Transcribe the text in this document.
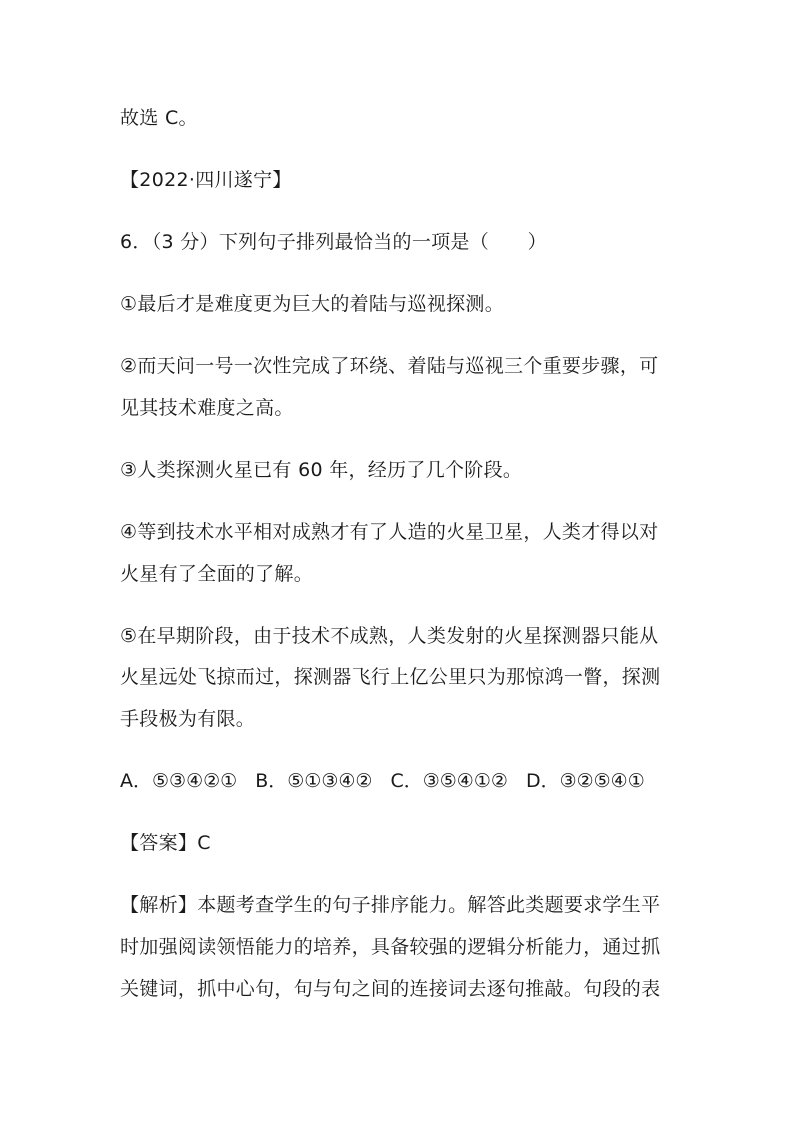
故选 C。
【2022·四川遂宁】
6．（3 分）下列句子排列最恰当的一项是（　　）
①最后才是难度更为巨大的着陆与巡视探测。
②而天问一号一次性完成了环绕、着陆与巡视三个重要步骤，可
见其技术难度之高。
③人类探测火星已有 60 年，经历了几个阶段。
④等到技术水平相对成熟才有了人造的火星卫星，人类才得以对
火星有了全面的了解。
⑤在早期阶段，由于技术不成熟，人类发射的火星探测器只能从
火星远处飞掠而过，探测器飞行上亿公里只为那惊鸿一瞥，探测
手段极为有限。
A．⑤③④②① B．⑤①③④② C．③⑤④①② D．③②⑤④①
【答案】C
【解析】本题考查学生的句子排序能力。解答此类题要求学生平
时加强阅读领悟能力的培养，具备较强的逻辑分析能力，通过抓
关键词，抓中心句，句与句之间的连接词去逐句推敲。句段的表
